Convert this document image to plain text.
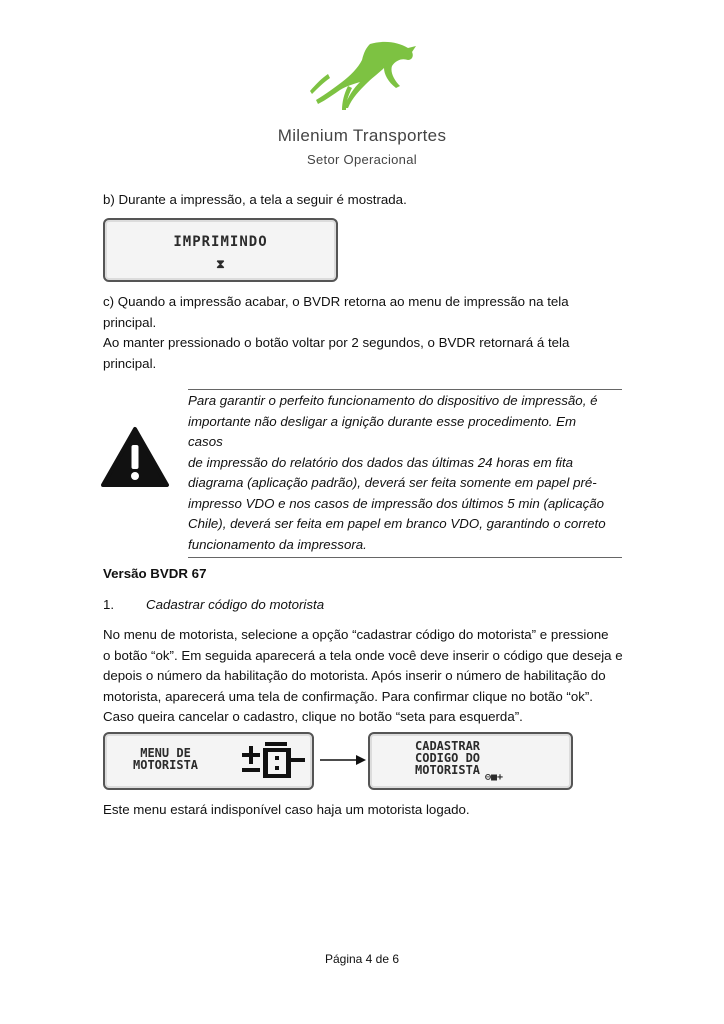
Milenium Transportes
Setor Operacional
b) Durante a impressão, a tela a seguir é mostrada.
IMPRIMINDO
⧗
c) Quando a impressão acabar, o BVDR retorna ao menu de impressão na tela principal.
Ao manter pressionado o botão voltar por 2 segundos, o BVDR retornará á tela
principal.
Para garantir o perfeito funcionamento do dispositivo de impressão, é
importante não desligar a ignição durante esse procedimento. Em casos
de impressão do relatório dos dados das últimas 24 horas em fita
diagrama (aplicação padrão), deverá ser feita somente em papel pré-
impresso VDO e nos casos de impressão dos últimos 5 min (aplicação
Chile), deverá ser feita em papel em branco VDO, garantindo o correto
funcionamento da impressora.
Versão BVDR 67
1. Cadastrar código do motorista
No menu de motorista, selecione a opção “cadastrar código do motorista” e pressione
o botão “ok”. Em seguida aparecerá a tela onde você deve inserir o código que deseja e
depois o número da habilitação do motorista. Após inserir o número de habilitação do
motorista, aparecerá uma tela de confirmação. Para confirmar clique no botão “ok”.
Caso queira cancelar o cadastro, clique no botão “seta para esquerda”.
MENU DE
MOTORISTA
CADASTRAR
CODIGO DO
MOTORISTA
⊖■+
Este menu estará indisponível caso haja um motorista logado.
Página 4 de 6
